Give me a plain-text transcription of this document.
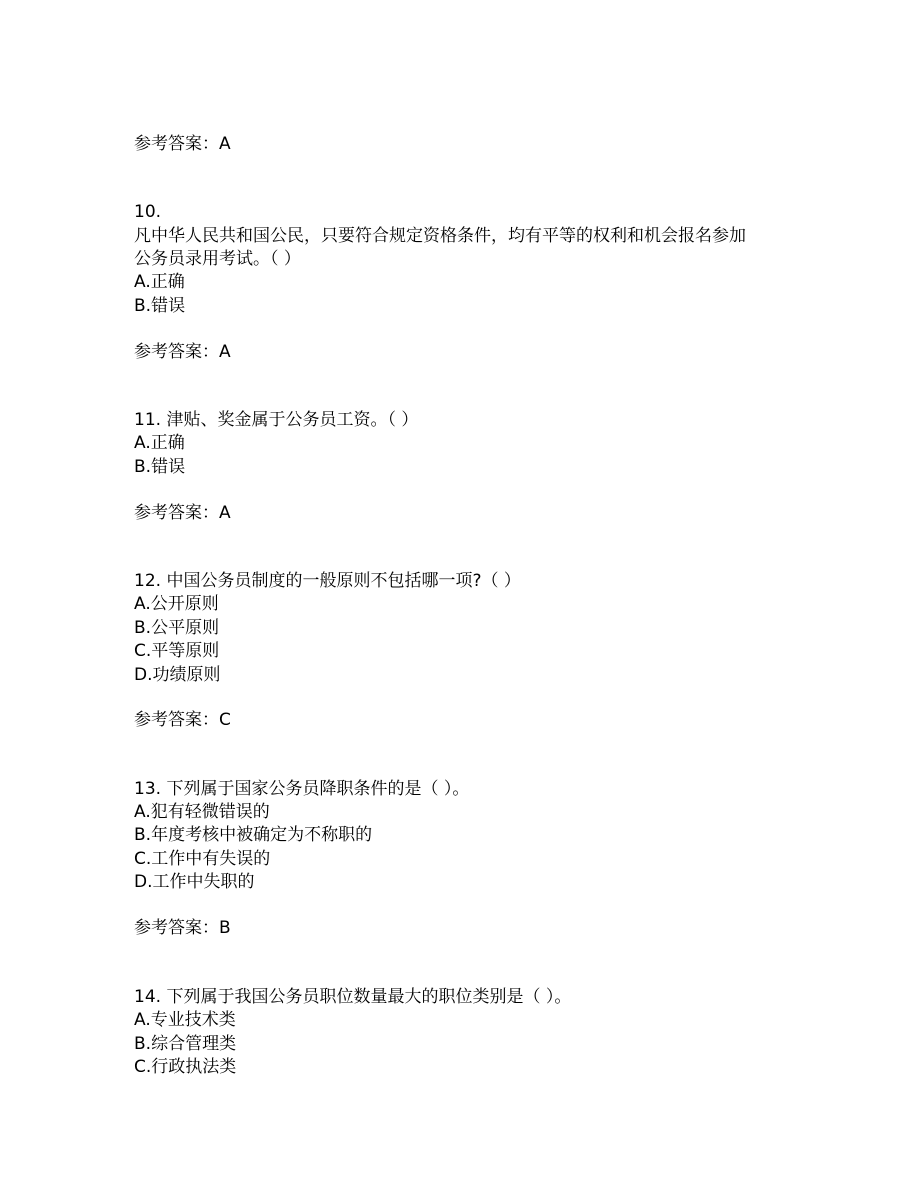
参考答案：A
10.
凡中华人民共和国公民，只要符合规定资格条件，均有平等的权利和机会报名参加
公务员录用考试。（ ）
A.正确
B.错误
参考答案：A
11. 津贴、奖金属于公务员工资。（ ）
A.正确
B.错误
参考答案：A
12. 中国公务员制度的一般原则不包括哪一项?（ ）
A.公开原则
B.公平原则
C.平等原则
D.功绩原则
参考答案：C
13. 下列属于国家公务员降职条件的是（ ）。
A.犯有轻微错误的
B.年度考核中被确定为不称职的
C.工作中有失误的
D.工作中失职的
参考答案：B
14. 下列属于我国公务员职位数量最大的职位类别是（ ）。
A.专业技术类
B.综合管理类
C.行政执法类
